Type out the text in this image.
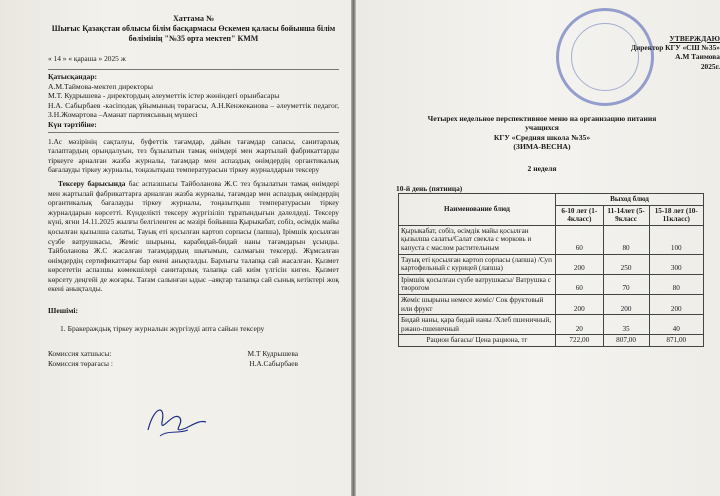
Хаттама №

Шығыс Қазақстан облысы білім басқармасы Өскемен қаласы бойынша білім

бөлімінің "№35 орта мектеп" КММ

« 14 » « қараша » 2025 ж

Қатысқандар:

А.М.Таймова-мектеп директоры

М.Т. Кудрышева - директордың әлеуметтік істер жөніндегі орынбасары

Н.А. Сабырбаев -кәсіподақ ұйымының төрағасы, А.Н.Кенжеканова – әлеуметтік педагог, З.Н.Жомартова –Аманат партиясының мүшесі

Күн тәртібіне:

1.Ас мәзірінің сақталуы, буфеттік тағамдар, дайын тағамдар сапасы, санитарлық талаптардың орындалуын, тез бұзылатын тамақ өнімдері мен жартылай фабрикаттарды тіркеуге арналған жазба журналы, тағамдар мен аспаздық өнімдердің органтикалық бағалауды тіркеу журналы, тоңазытқыш температурасын тіркеу журналдарын тексеру

Тексеру барысында бас аспазшысы Тайболанова Ж.С тез бұзылатын тамақ өнімдері мен жартылай фабрикаттарға арналған жазба журналы, тағамдар мен аспаздық өнімдердің органтикалық бағалауды тіркеу журналы, тоңазытқыш температурасын тіркеу журналдарын көрсетті. Күнделікті тексеру жүргізіліп тұратындығын дәлелдеді. Тексеру күні, яғни 14.11.2025 жылғы белгіленген ас мәзірі бойынша Қырыкабат, собіз, өсімдік майы қосылған қызылша салаты, Тауық еті қосылған картоп сорпасы (лапша), Ірімшік қосылған сүзбе ватрушкасы, Жеміс шырыны, карабидай-бидай наны тағамдарын ұсынды. Тайболанова Ж.С жасалған тағамдардың шығымын, салмағын тексерді. Жұмсалған өнімдердің сертификаттары бар екені анықталды. Барлығы талапқа сай жасалған. Қызмет көрсететін аспазшы көмекшілері санитарлық талапқа сай киім үлгісін киген. Қызмет көрсету деңгейі де жоғары. Тағам салынған ыдыс –аяқтар талапқа сай сынық кетіктері жоқ екені анықталды.

Шешімі:

1. Бракераждық тіркеу журналын жүргізуді апта сайын тексеру

Комиссия хатшысы:	М.Т Кудрышева
Комиссия төрағасы :	Н.А.Сабырбаев
УТВЕРЖДАЮ
Директор КГУ «СШ №35»
А.М Таимова
2025г.
Четырех недельное перспективное меню на организацию питания
учащихся
КГУ «Средняя школа №35»
(ЗИМА-ВЕСНА)
2 неделя
10-й день (пятница)
Наименование блюд	Выход блюд		
	6-10 лет (1-4класс)	11-14лет (5-9класс	15-18 лет (10-11класс)
Қырыкабат, собіз, өсімдік майы қосылған қызылша салаты/Салат свекла с морковь и капуста с маслом растительным	60	80	100
Тауық еті қосылған картоп сорпасы (лапша) /Суп картофельный с курицей (лапша)	200	250	300
Ірімшік қосылған сүзбе ватрушкасы/ Ватрушка с творогом	60	70	80
Жеміс шырыны немесе жеміс/ Сок фруктовый или фрукт	200	200	200
Бидай наны, қара бидай наны /Хлеб пшеничный, ржано-пшеничный	20	35	40
Рацион бағасы/ Цена рациона, тг	722,00	807,00	871,00
